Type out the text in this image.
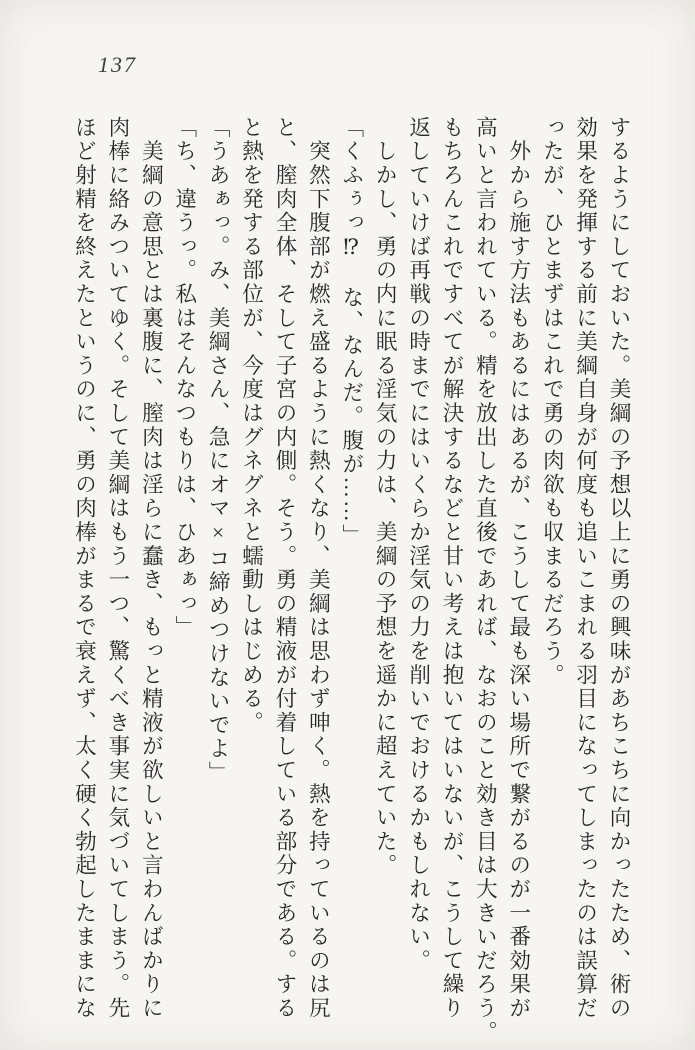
137
するようにしておいた。美綱の予想以上に勇の興味があちこちに向かったため、術の
効果を発揮する前に美綱自身が何度も追いこまれる羽目になってしまったのは誤算だ
ったが、ひとまずはこれで勇の肉欲も収まるだろう。
　外から施す方法もあるにはあるが、こうして最も深い場所で繋がるのが一番効果が
高いと言われている。精を放出した直後であれば、なおのこと効き目は大きいだろう。
もちろんこれですべてが解決するなどと甘い考えは抱いてはいないが、こうして繰り
返していけば再戦の時までにはいくらか淫気の力を削いでおけるかもしれない。
　しかし、勇の内に眠る淫気の力は、美綱の予想を遥かに超えていた。
「くふぅっ⁉　な、なんだ。腹が……」
　突然下腹部が燃え盛るように熱くなり、美綱は思わず呻く。熱を持っているのは尻
と、膣肉全体、そして子宮の内側。そう。勇の精液が付着している部分である。する
と熱を発する部位が、今度はグネグネと蠕動しはじめる。
「うあぁっ。み、美綱さん、急にオマ×コ締めつけないでよ」
「ち、違うっ。私はそんなつもりは、ひあぁっ」
　美綱の意思とは裏腹に、膣肉は淫らに蠢き、もっと精液が欲しいと言わんばかりに
肉棒に絡みついてゆく。そして美綱はもう一つ、驚くべき事実に気づいてしまう。先
ほど射精を終えたというのに、勇の肉棒がまるで衰えず、太く硬く勃起したままにな
